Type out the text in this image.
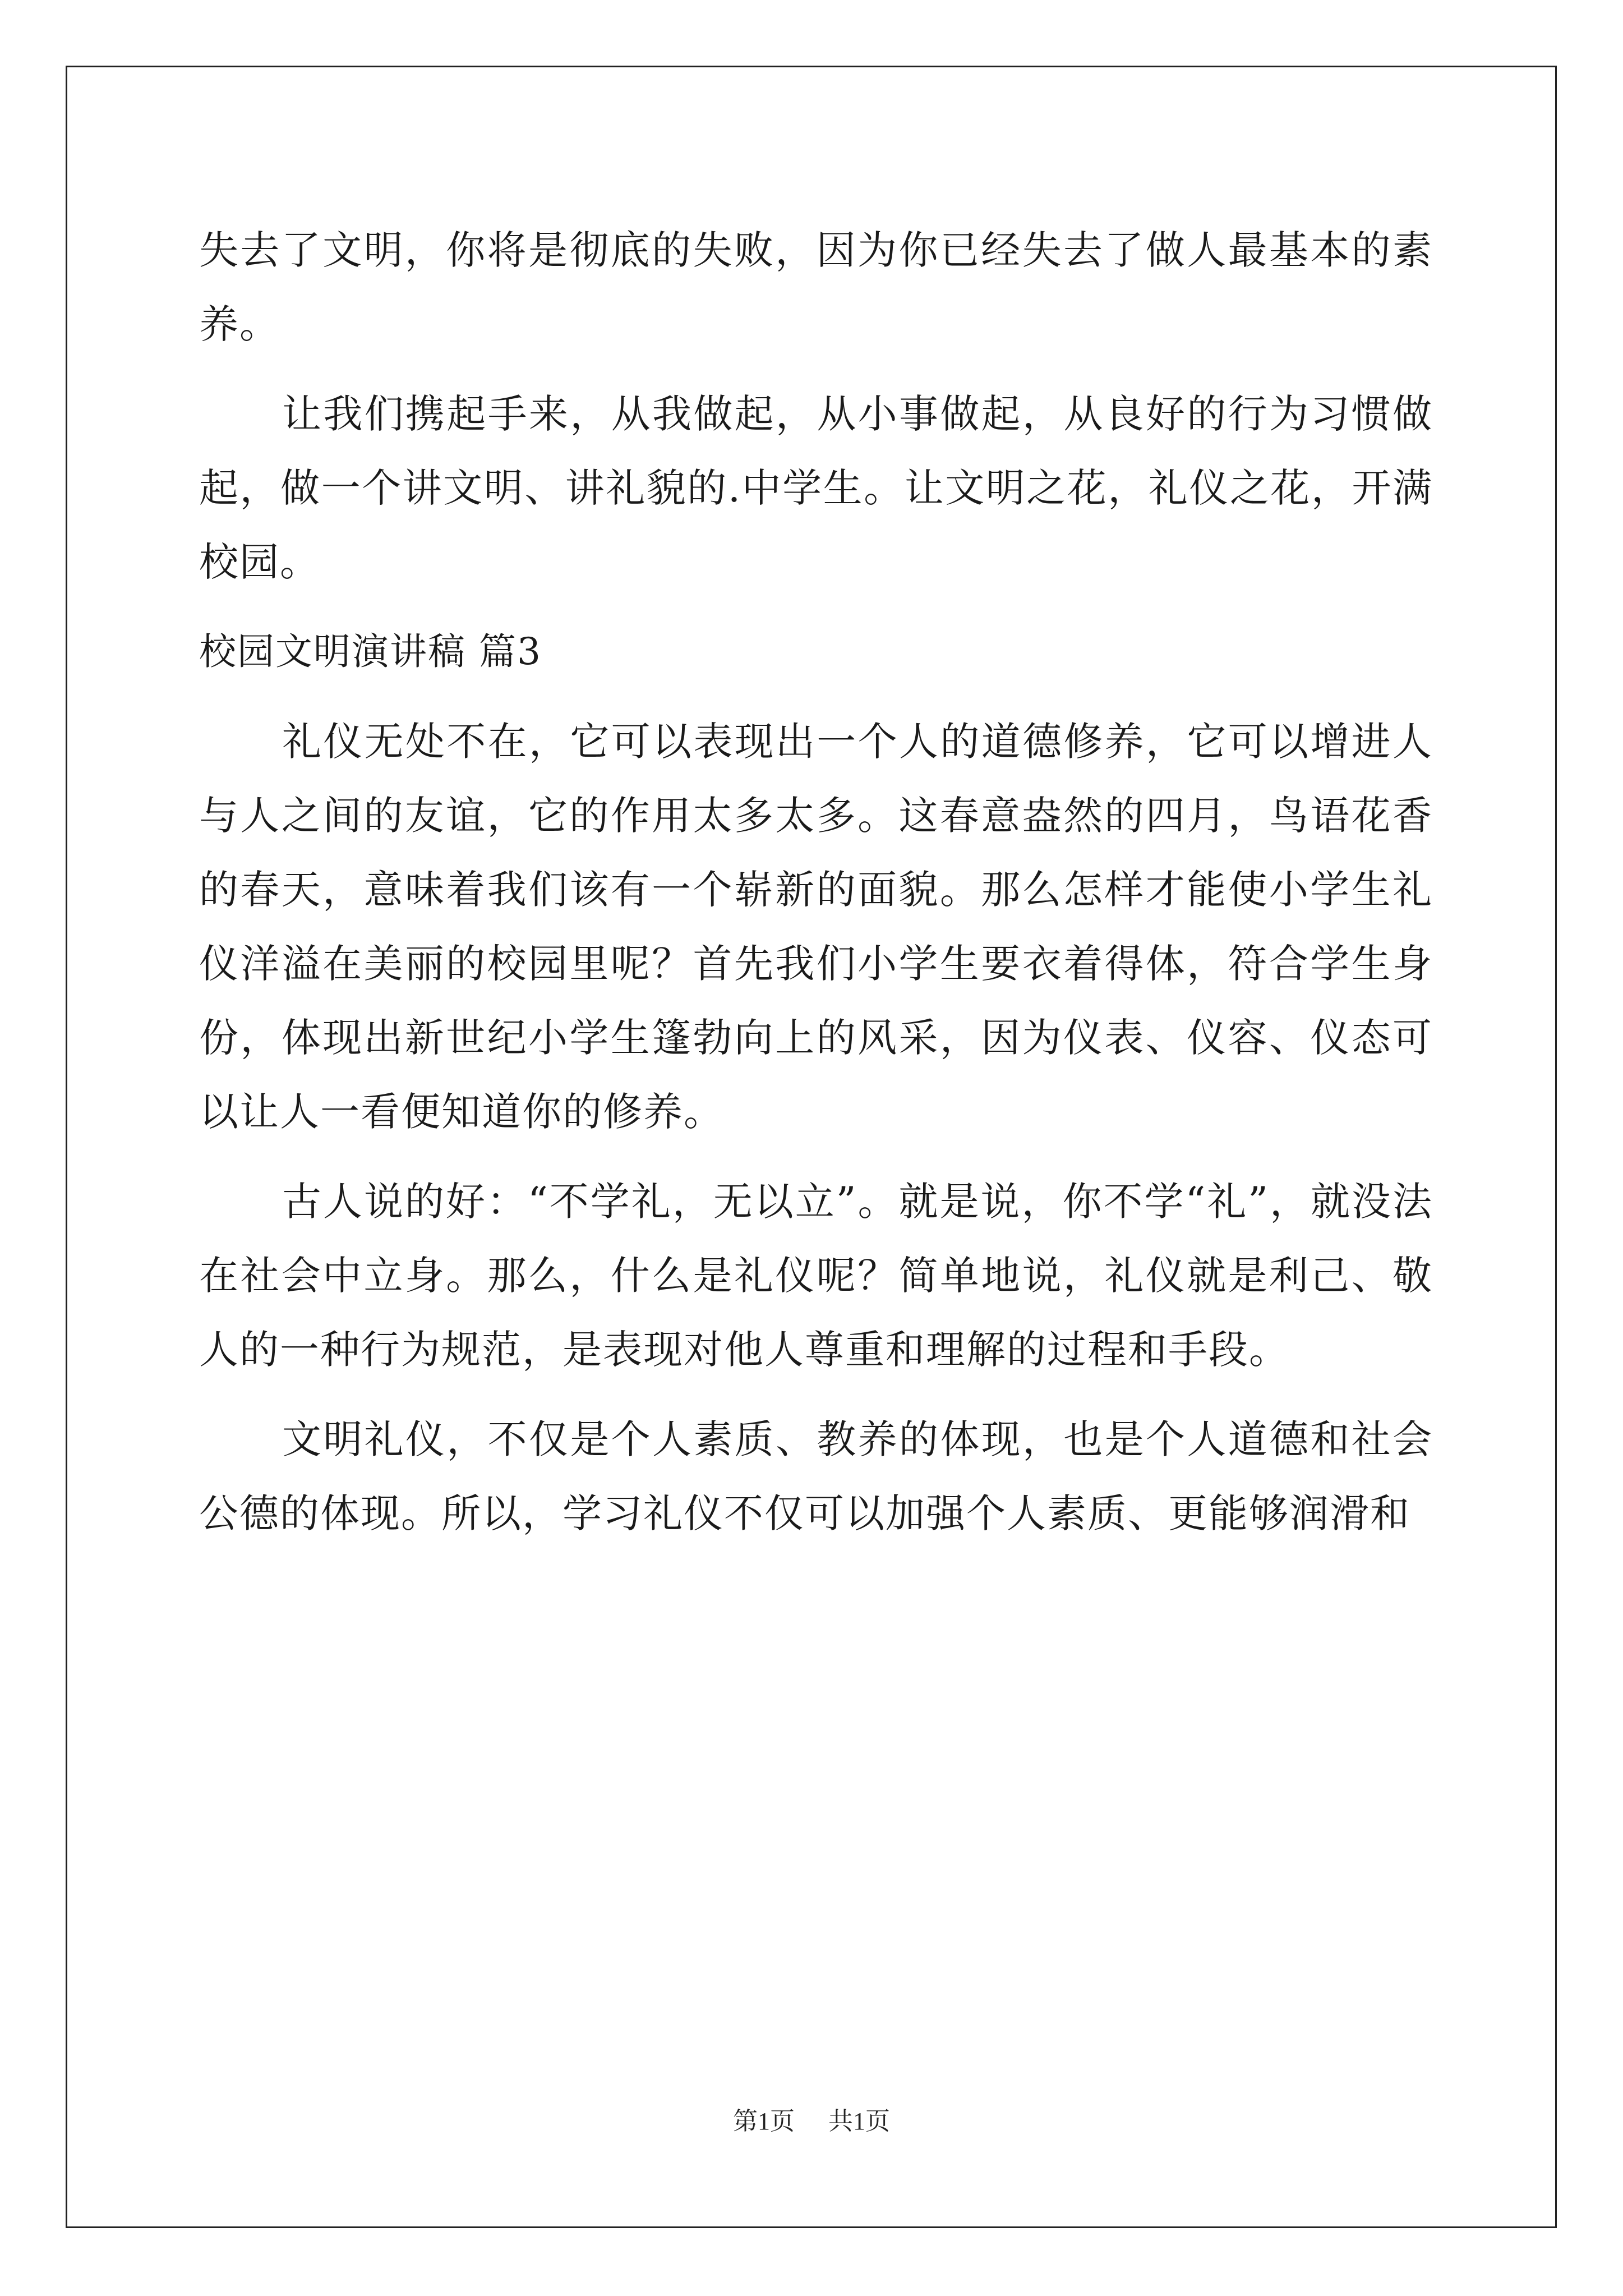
失去了文明，你将是彻底的失败，因为你已经失去了做人最基本的素养。

让我们携起手来，从我做起，从小事做起，从良好的行为习惯做起，做一个讲文明、讲礼貌的.中学生。让文明之花，礼仪之花，开满校园。

校园文明演讲稿 篇3

礼仪无处不在，它可以表现出一个人的道德修养，它可以增进人与人之间的友谊，它的作用太多太多。这春意盎然的四月，鸟语花香的春天，意味着我们该有一个崭新的面貌。那么怎样才能使小学生礼仪洋溢在美丽的校园里呢？首先我们小学生要衣着得体，符合学生身份，体现出新世纪小学生篷勃向上的风采，因为仪表、仪容、仪态可以让人一看便知道你的修养。

古人说的好：“不学礼，无以立”。就是说，你不学“礼”，就没法在社会中立身。那么，什么是礼仪呢？简单地说，礼仪就是利己、敬人的一种行为规范，是表现对他人尊重和理解的过程和手段。

文明礼仪，不仅是个人素质、教养的体现，也是个人道德和社会公德的体现。所以，学习礼仪不仅可以加强个人素质、更能够润滑和

第1页 共1页
